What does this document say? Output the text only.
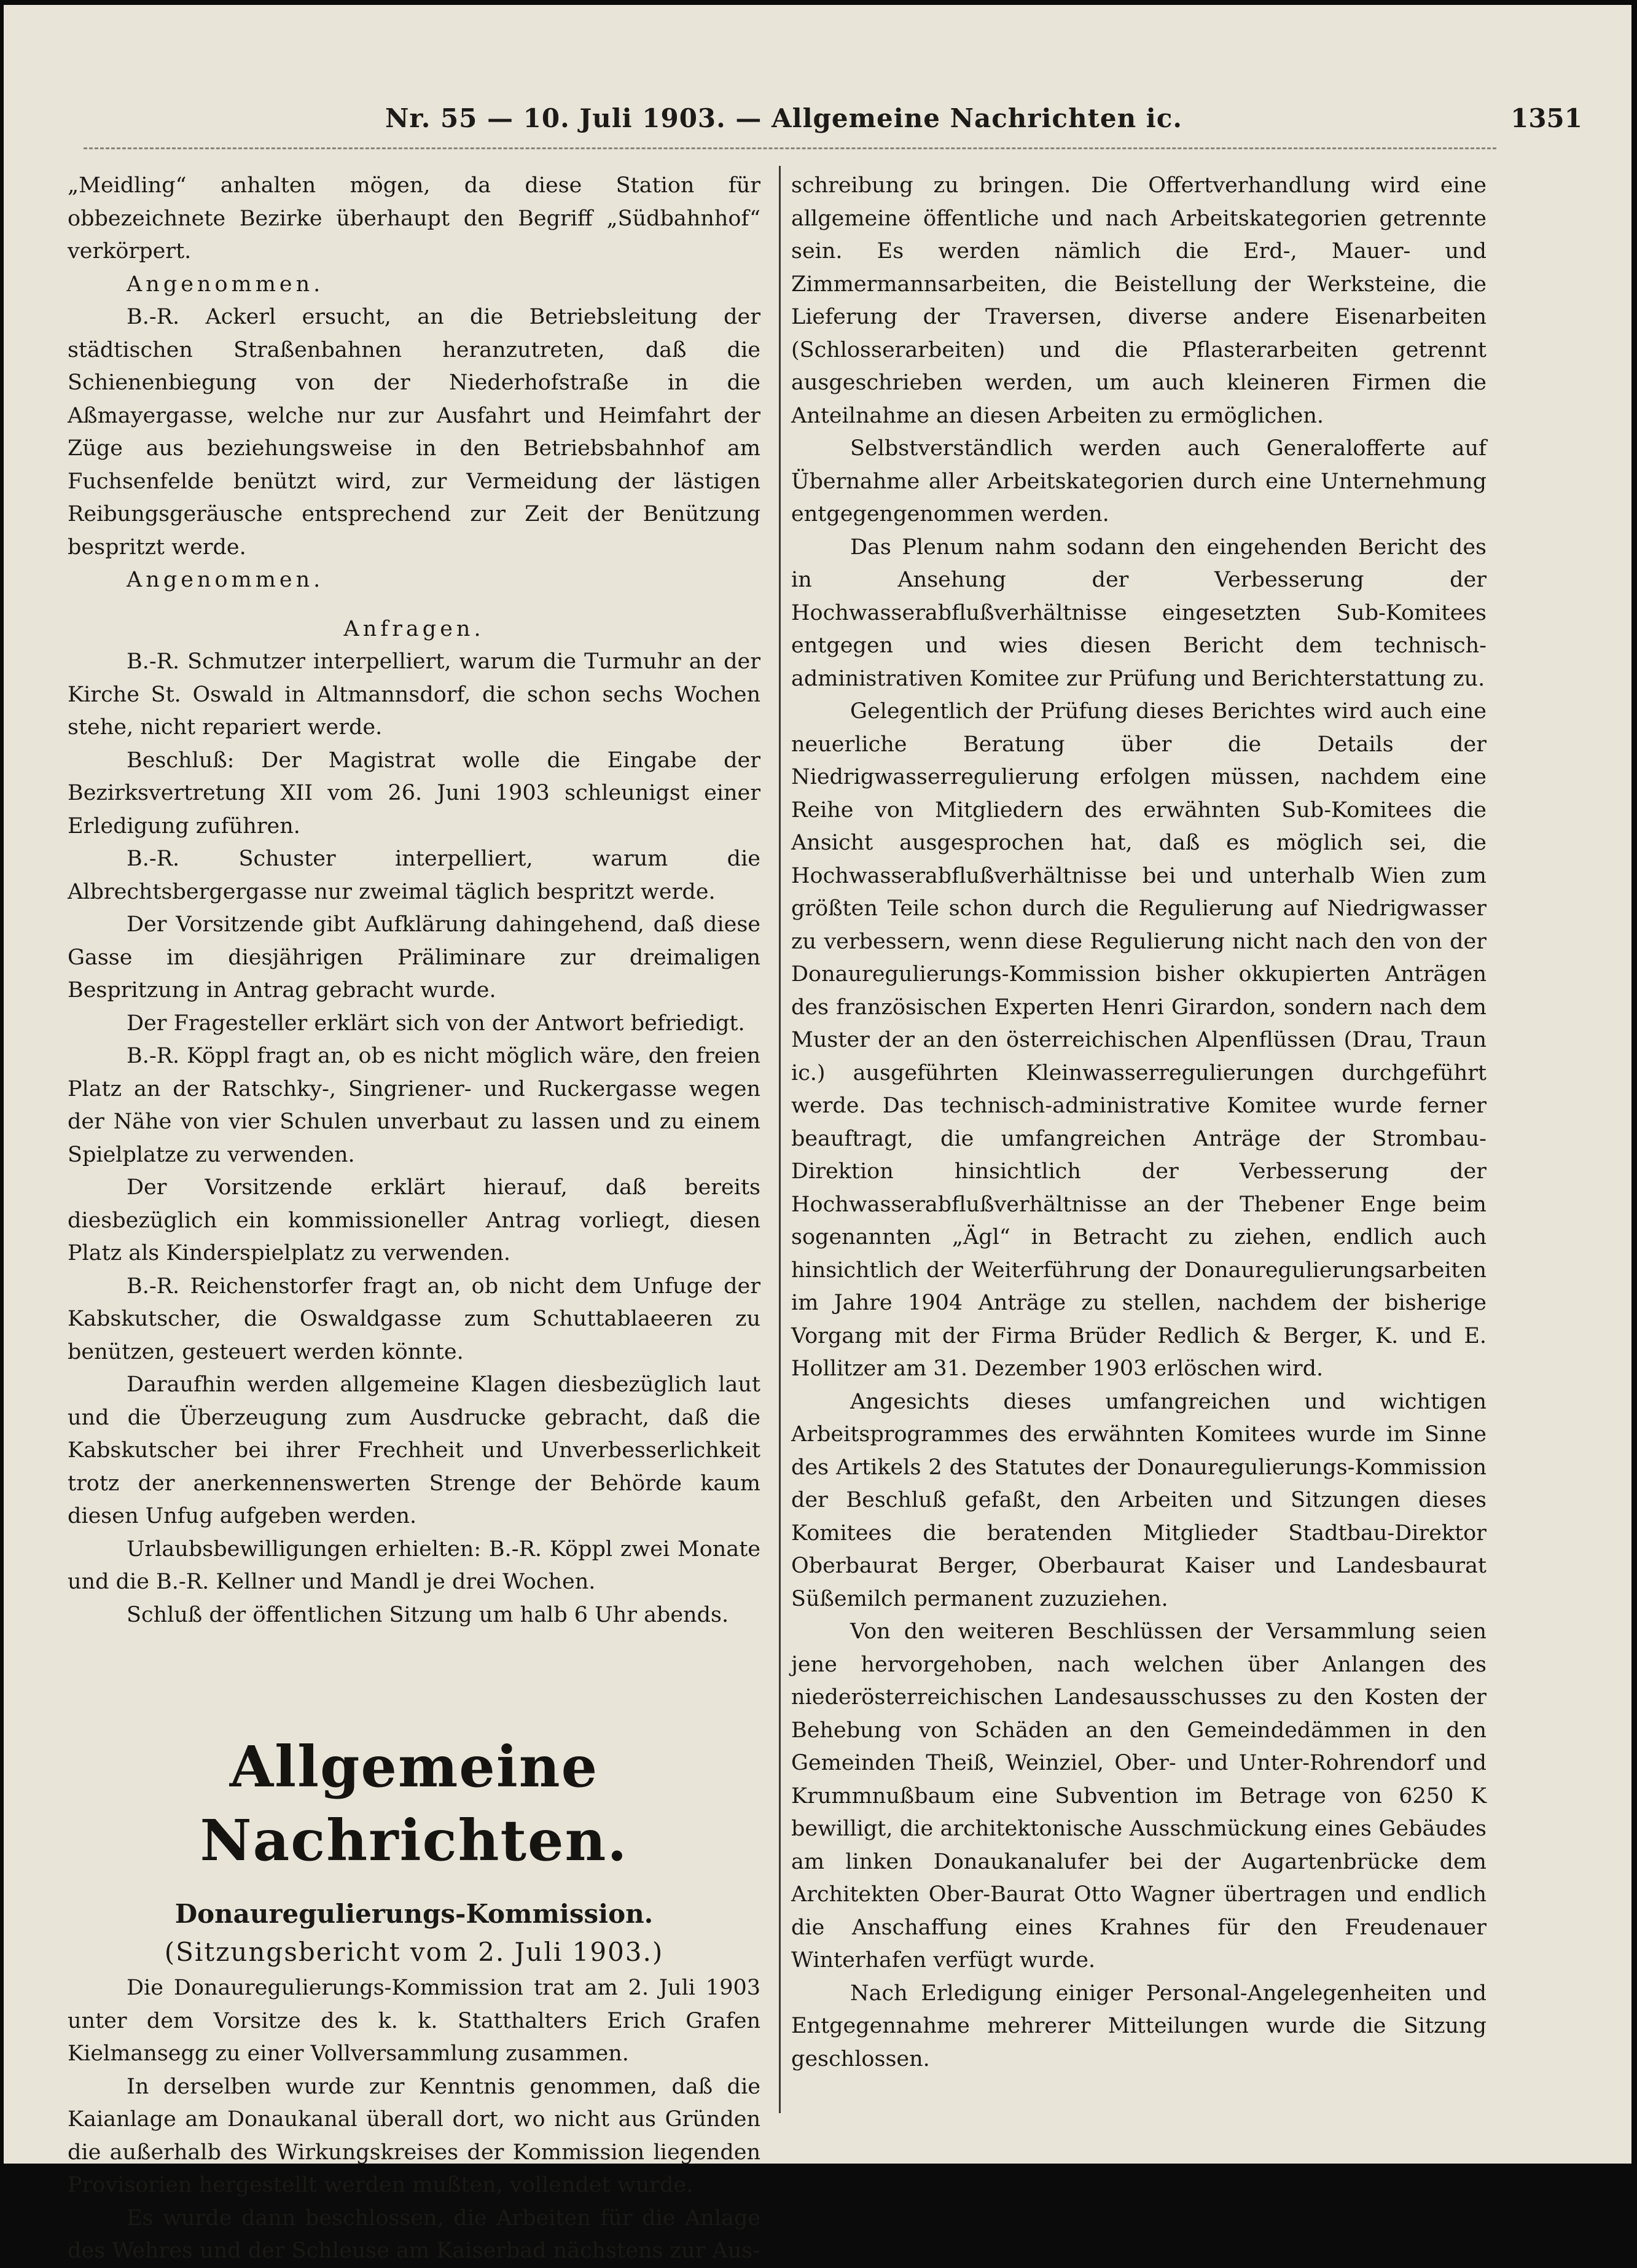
Nr. 55 — 10. Juli 1903. — Allgemeine Nachrichten ic.	1351

„Meidling“ anhalten mögen, da diese Station für obbezeichnete Bezirke überhaupt den Begriff „Südbahnhof“ verkörpert.

Angenommen.

B.-R. Ackerl ersucht, an die Betriebsleitung der städtischen Straßenbahnen heranzutreten, daß die Schienenbiegung von der Niederhofstraße in die Aßmayergasse, welche nur zur Ausfahrt und Heimfahrt der Züge aus beziehungsweise in den Betriebsbahnhof am Fuchsenfelde benützt wird, zur Vermeidung der lästigen Reibungsgeräusche entsprechend zur Zeit der Benützung bespritzt werde.

Angenommen.

Anfragen.

B.-R. Schmutzer interpelliert, warum die Turmuhr an der Kirche St. Oswald in Altmannsdorf, die schon sechs Wochen stehe, nicht repariert werde.

Beschluß: Der Magistrat wolle die Eingabe der Bezirksvertretung XII vom 26. Juni 1903 schleunigst einer Erledigung zuführen.

B.-R. Schuster interpelliert, warum die Albrechtsbergergasse nur zweimal täglich bespritzt werde.

Der Vorsitzende gibt Aufklärung dahingehend, daß diese Gasse im diesjährigen Präliminare zur dreimaligen Bespritzung in Antrag gebracht wurde.

Der Fragesteller erklärt sich von der Antwort befriedigt.

B.-R. Köppl fragt an, ob es nicht möglich wäre, den freien Platz an der Ratschky-, Singriener- und Ruckergasse wegen der Nähe von vier Schulen unverbaut zu lassen und zu einem Spielplatze zu verwenden.

Der Vorsitzende erklärt hierauf, daß bereits diesbezüglich ein kommissioneller Antrag vorliegt, diesen Platz als Kinderspielplatz zu verwenden.

B.-R. Reichenstorfer fragt an, ob nicht dem Unfuge der Kabskutscher, die Oswaldgasse zum Schuttablaeeren zu benützen, gesteuert werden könnte.

Daraufhin werden allgemeine Klagen diesbezüglich laut und die Überzeugung zum Ausdrucke gebracht, daß die Kabskutscher bei ihrer Frechheit und Unverbesserlichkeit trotz der anerkennenswerten Strenge der Behörde kaum diesen Unfug aufgeben werden.

Urlaubsbewilligungen erhielten: B.-R. Köppl zwei Monate und die B.-R. Kellner und Mandl je drei Wochen.

Schluß der öffentlichen Sitzung um halb 6 Uhr abends.

Allgemeine Nachrichten.

Donauregulierungs-Kommission.

(Sitzungsbericht vom 2. Juli 1903.)

Die Donauregulierungs-Kommission trat am 2. Juli 1903 unter dem Vorsitze des k. k. Statthalters Erich Grafen Kielmansegg zu einer Vollversammlung zusammen.

In derselben wurde zur Kenntnis genommen, daß die Kaianlage am Donaukanal überall dort, wo nicht aus Gründen die außerhalb des Wirkungskreises der Kommission liegenden Provisorien hergestellt werden mußten, vollendet wurde.

Es wurde dann beschlossen, die Arbeiten für die Anlage des Wehres und der Schleuse am Kaiserbad nächstens zur Aus-

schreibung zu bringen. Die Offertverhandlung wird eine allgemeine öffentliche und nach Arbeitskategorien getrennte sein. Es werden nämlich die Erd-, Mauer- und Zimmermannsarbeiten, die Beistellung der Werksteine, die Lieferung der Traversen, diverse andere Eisenarbeiten (Schlosserarbeiten) und die Pflasterarbeiten getrennt ausgeschrieben werden, um auch kleineren Firmen die Anteilnahme an diesen Arbeiten zu ermöglichen.

Selbstverständlich werden auch Generalofferte auf Übernahme aller Arbeitskategorien durch eine Unternehmung entgegengenommen werden.

Das Plenum nahm sodann den eingehenden Bericht des in Ansehung der Verbesserung der Hochwasserabflußverhältnisse eingesetzten Sub-Komitees entgegen und wies diesen Bericht dem technisch-administrativen Komitee zur Prüfung und Berichterstattung zu.

Gelegentlich der Prüfung dieses Berichtes wird auch eine neuerliche Beratung über die Details der Niedrigwasserregulierung erfolgen müssen, nachdem eine Reihe von Mitgliedern des erwähnten Sub-Komitees die Ansicht ausgesprochen hat, daß es möglich sei, die Hochwasserabflußverhältnisse bei und unterhalb Wien zum größten Teile schon durch die Regulierung auf Niedrigwasser zu verbessern, wenn diese Regulierung nicht nach den von der Donauregulierungs-Kommission bisher okkupierten Anträgen des französischen Experten Henri Girardon, sondern nach dem Muster der an den österreichischen Alpenflüssen (Drau, Traun ic.) ausgeführten Kleinwasserregulierungen durchgeführt werde. Das technisch-administrative Komitee wurde ferner beauftragt, die umfangreichen Anträge der Strombau-Direktion hinsichtlich der Verbesserung der Hochwasserabflußverhältnisse an der Thebener Enge beim sogenannten „Ägl“ in Betracht zu ziehen, endlich auch hinsichtlich der Weiterführung der Donauregulierungsarbeiten im Jahre 1904 Anträge zu stellen, nachdem der bisherige Vorgang mit der Firma Brüder Redlich & Berger, K. und E. Hollitzer am 31. Dezember 1903 erlöschen wird.

Angesichts dieses umfangreichen und wichtigen Arbeitsprogrammes des erwähnten Komitees wurde im Sinne des Artikels 2 des Statutes der Donauregulierungs-Kommission der Beschluß gefaßt, den Arbeiten und Sitzungen dieses Komitees die beratenden Mitglieder Stadtbau-Direktor Oberbaurat Berger, Oberbaurat Kaiser und Landesbaurat Süßemilch permanent zuzuziehen.

Von den weiteren Beschlüssen der Versammlung seien jene hervorgehoben, nach welchen über Anlangen des niederösterreichischen Landesausschusses zu den Kosten der Behebung von Schäden an den Gemeindedämmen in den Gemeinden Theiß, Weinziel, Ober- und Unter-Rohrendorf und Krummnußbaum eine Subvention im Betrage von 6250 K bewilligt, die architektonische Ausschmückung eines Gebäudes am linken Donaukanalufer bei der Augartenbrücke dem Architekten Ober-Baurat Otto Wagner übertragen und endlich die Anschaffung eines Krahnes für den Freudenauer Winterhafen verfügt wurde.

Nach Erledigung einiger Personal-Angelegenheiten und Entgegennahme mehrerer Mitteilungen wurde die Sitzung geschlossen.
